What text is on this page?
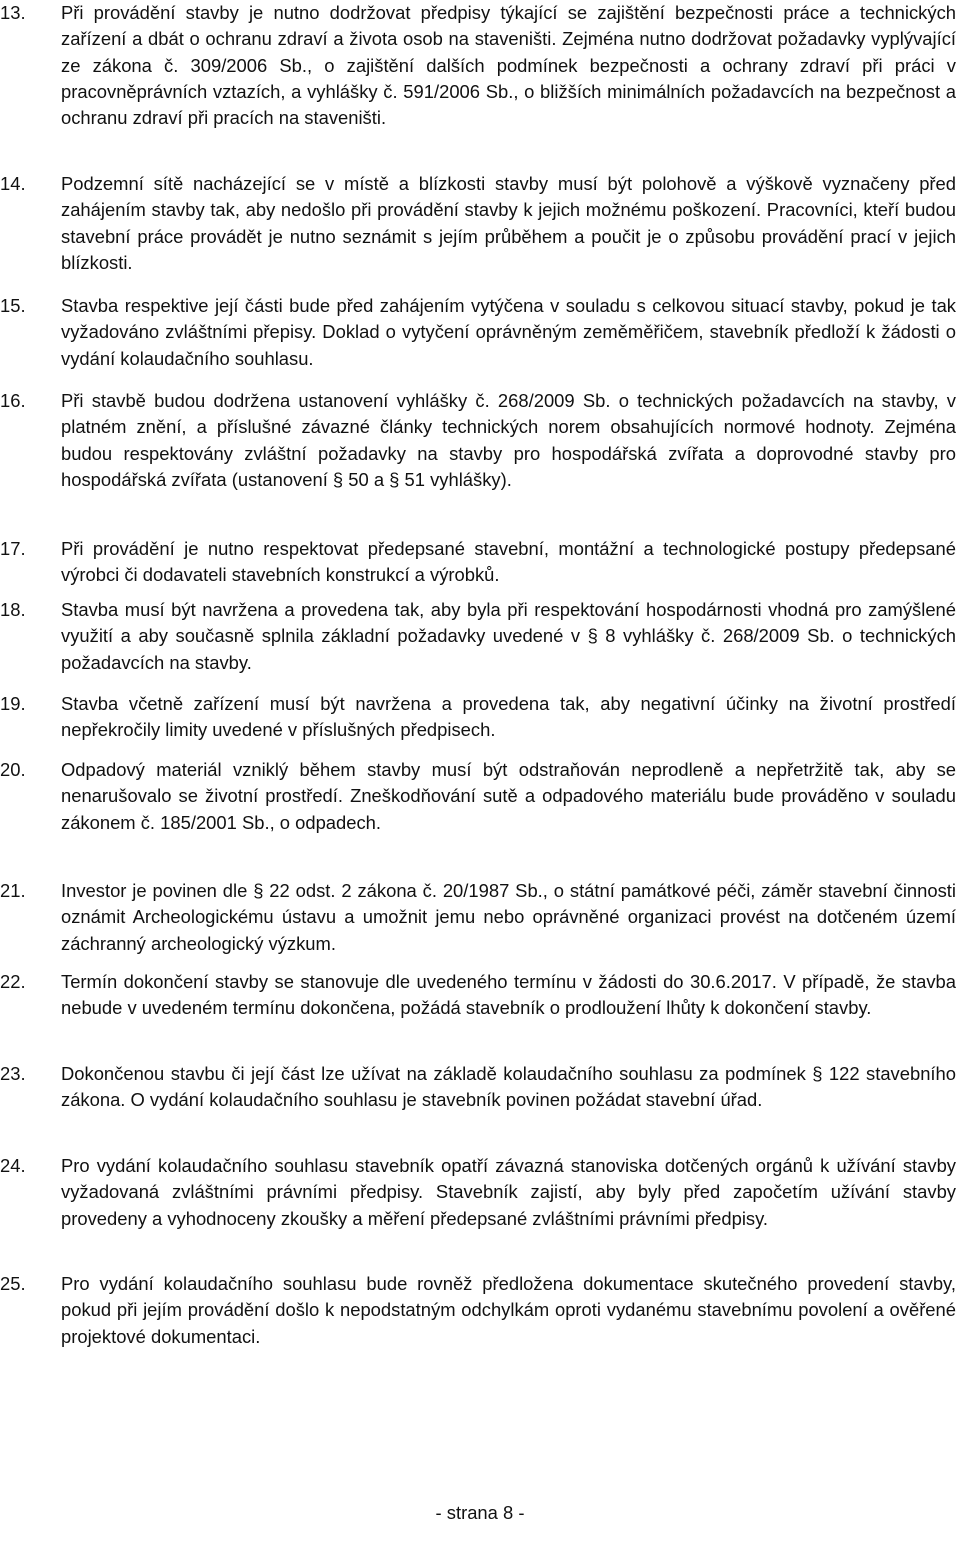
13.	Při provádění stavby je nutno dodržovat předpisy týkající se zajištění bezpečnosti práce a technických zařízení a dbát o ochranu zdraví a života osob na staveništi. Zejména nutno dodržovat požadavky vyplývající ze zákona č. 309/2006 Sb., o zajištění dalších podmínek bezpečnosti a ochrany zdraví při práci v pracovněprávních vztazích, a vyhlášky č. 591/2006 Sb., o bližších minimálních požadavcích na bezpečnost a ochranu zdraví při pracích na staveništi.
14.	Podzemní sítě nacházející se v místě a blízkosti stavby musí být polohově a výškově vyznačeny před zahájením stavby tak, aby nedošlo při provádění stavby k jejich možnému poškození. Pracovníci, kteří budou stavební práce provádět je nutno seznámit s jejím průběhem a poučit je o způsobu provádění prací v jejich blízkosti.
15.	Stavba respektive její části bude před zahájením vytýčena v souladu s celkovou situací stavby, pokud je tak vyžadováno zvláštními přepisy. Doklad o vytyčení oprávněným zeměměřičem, stavebník předloží k žádosti o vydání kolaudačního souhlasu.
16.	Při stavbě budou dodržena ustanovení vyhlášky č. 268/2009 Sb. o technických požadavcích na stavby, v platném znění, a příslušné závazné články technických norem obsahujících normové hodnoty. Zejména budou respektovány zvláštní požadavky na stavby pro hospodářská zvířata a doprovodné stavby pro hospodářská zvířata (ustanovení § 50 a § 51 vyhlášky).
17.	Při provádění je nutno respektovat předepsané stavební, montážní a technologické postupy předepsané výrobci či dodavateli stavebních konstrukcí a výrobků.
18.	Stavba musí být navržena a provedena tak, aby byla při respektování hospodárnosti vhodná pro zamýšlené využití a aby současně splnila základní požadavky uvedené v § 8 vyhlášky č. 268/2009 Sb. o technických požadavcích na stavby.
19.	Stavba včetně zařízení musí být navržena a provedena tak, aby negativní účinky na životní prostředí nepřekročily limity uvedené v příslušných předpisech.
20.	Odpadový materiál vzniklý během stavby musí být odstraňován neprodleně a nepřetržitě tak, aby se nenarušovalo se životní prostředí. Zneškodňování sutě a odpadového materiálu bude prováděno v souladu zákonem č. 185/2001 Sb., o odpadech.
21.	Investor je povinen dle § 22 odst. 2 zákona č. 20/1987 Sb., o státní památkové péči, záměr stavební činnosti oznámit Archeologickému ústavu a umožnit jemu nebo oprávněné organizaci provést na dotčeném území záchranný archeologický výzkum.
22.	Termín dokončení stavby se stanovuje dle uvedeného termínu v žádosti do 30.6.2017. V případě, že stavba nebude v uvedeném termínu dokončena, požádá stavebník o prodloužení lhůty k dokončení stavby.
23.	Dokončenou stavbu či její část lze užívat na základě kolaudačního souhlasu za podmínek § 122 stavebního zákona. O vydání kolaudačního souhlasu je stavebník povinen požádat stavební úřad.
24.	Pro vydání kolaudačního souhlasu stavebník opatří závazná stanoviska dotčených orgánů k užívání stavby vyžadovaná zvláštními právními předpisy. Stavebník zajistí, aby byly před započetím užívání stavby provedeny a vyhodnoceny zkoušky a měření předepsané zvláštními právními předpisy.
25.	Pro vydání kolaudačního souhlasu bude rovněž předložena dokumentace skutečného provedení stavby, pokud při jejím provádění došlo k nepodstatným odchylkám oproti vydanému stavebnímu povolení a ověřené projektové dokumentaci.
- strana 8 -
